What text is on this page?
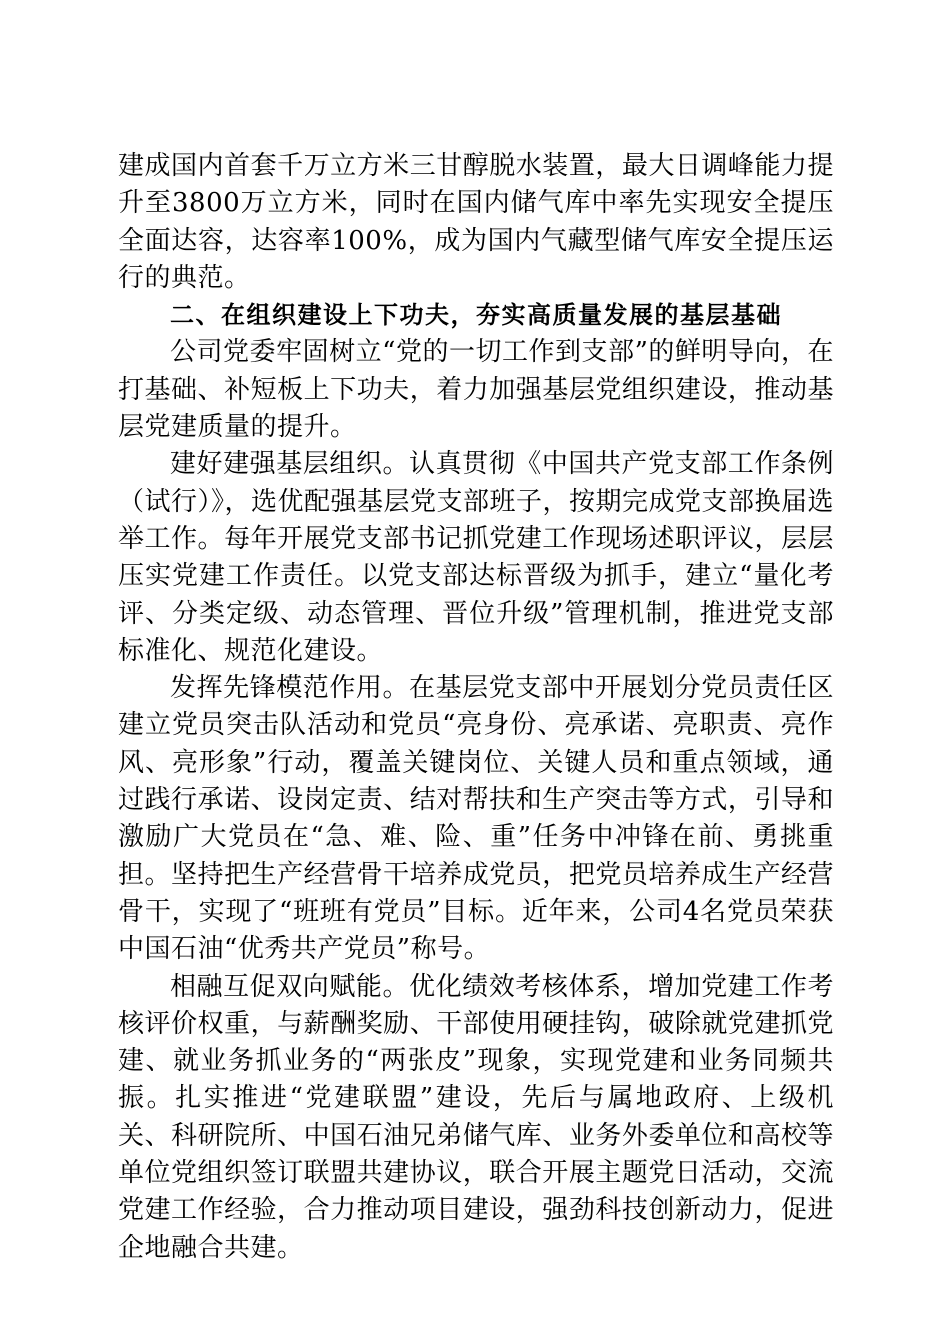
建成国内首套千万立方米三甘醇脱水装置，最大日调峰能力提升至3800万立方米，同时在国内储气库中率先实现安全提压全面达容，达容率100%，成为国内气藏型储气库安全提压运行的典范。

二、在组织建设上下功夫，夯实高质量发展的基层基础

公司党委牢固树立“党的一切工作到支部”的鲜明导向，在打基础、补短板上下功夫，着力加强基层党组织建设，推动基层党建质量的提升。

建好建强基层组织。认真贯彻《中国共产党支部工作条例（试行）》，选优配强基层党支部班子，按期完成党支部换届选举工作。每年开展党支部书记抓党建工作现场述职评议，层层压实党建工作责任。以党支部达标晋级为抓手，建立“量化考评、分类定级、动态管理、晋位升级”管理机制，推进党支部标准化、规范化建设。

发挥先锋模范作用。在基层党支部中开展划分党员责任区建立党员突击队活动和党员“亮身份、亮承诺、亮职责、亮作风、亮形象”行动，覆盖关键岗位、关键人员和重点领域，通过践行承诺、设岗定责、结对帮扶和生产突击等方式，引导和激励广大党员在“急、难、险、重”任务中冲锋在前、勇挑重担。坚持把生产经营骨干培养成党员，把党员培养成生产经营骨干，实现了“班班有党员”目标。近年来，公司4名党员荣获中国石油“优秀共产党员”称号。

相融互促双向赋能。优化绩效考核体系，增加党建工作考核评价权重，与薪酬奖励、干部使用硬挂钩，破除就党建抓党建、就业务抓业务的“两张皮”现象，实现党建和业务同频共振。扎实推进“党建联盟”建设，先后与属地政府、上级机关、科研院所、中国石油兄弟储气库、业务外委单位和高校等单位党组织签订联盟共建协议，联合开展主题党日活动，交流党建工作经验，合力推动项目建设，强劲科技创新动力，促进企地融合共建。
